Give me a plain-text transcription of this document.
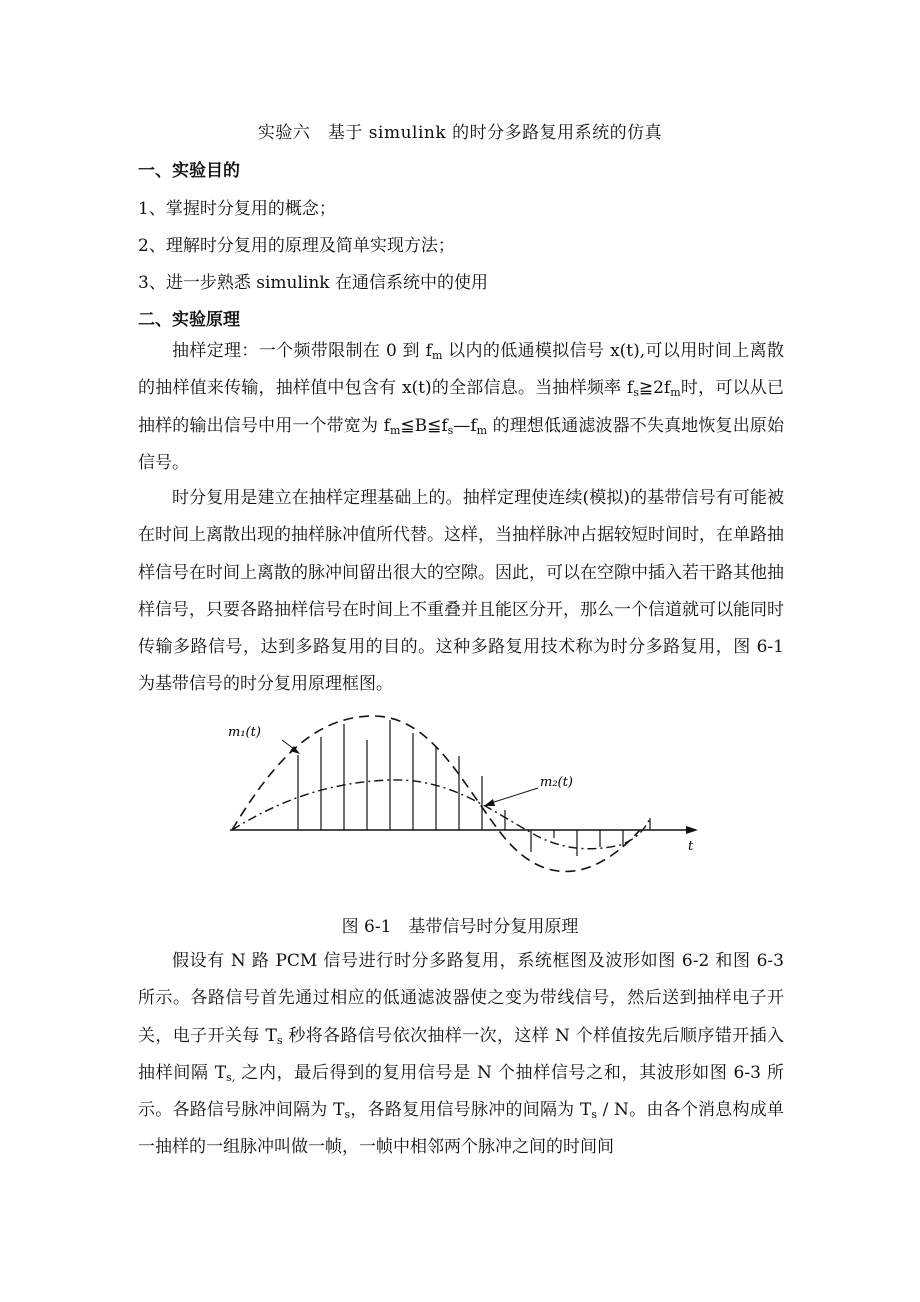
实验六　基于 simulink 的时分多路复用系统的仿真
一、实验目的
1、掌握时分复用的概念；
2、理解时分复用的原理及简单实现方法；
3、进一步熟悉 simulink 在通信系统中的使用
二、实验原理

抽样定理：一个频带限制在 0 到 $f_m$ 以内的低通模拟信号 x(t),可以用时间上离散的抽样值来传输，抽样值中包含有 x(t)的全部信息。当抽样频率 $f_s≧2f_m$时，可以从已抽样的输出信号中用一个带宽为 $f_m≦B≦f_s—f_m$ 的理想低通滤波器不失真地恢复出原始信号。

时分复用是建立在抽样定理基础上的。抽样定理使连续(模拟)的基带信号有可能被在时间上离散出现的抽样脉冲值所代替。这样，当抽样脉冲占据较短时间时，在单路抽样信号在时间上离散的脉冲间留出很大的空隙。因此，可以在空隙中插入若干路其他抽样信号，只要各路抽样信号在时间上不重叠并且能区分开，那么一个信道就可以能同时传输多路信号，达到多路复用的目的。这种多路复用技术称为时分多路复用，图 6-1 为基带信号的时分复用原理框图。

m₁(t)
m₂(t)
t
图 6-1　基带信号时分复用原理

假设有 N 路 PCM 信号进行时分多路复用，系统框图及波形如图 6-2 和图 6-3 所示。各路信号首先通过相应的低通滤波器使之变为带线信号，然后送到抽样电子开关，电子开关每 $T_s$ 秒将各路信号依次抽样一次，这样 N 个样值按先后顺序错开插入抽样间隔 $T_{s,}$ 之内，最后得到的复用信号是 N 个抽样信号之和，其波形如图 6-3 所示。各路信号脉冲间隔为 $T_s$，各路复用信号脉冲的间隔为 $T_s$ / N。由各个消息构成单一抽样的一组脉冲叫做一帧，一帧中相邻两个脉冲之间的时间间
